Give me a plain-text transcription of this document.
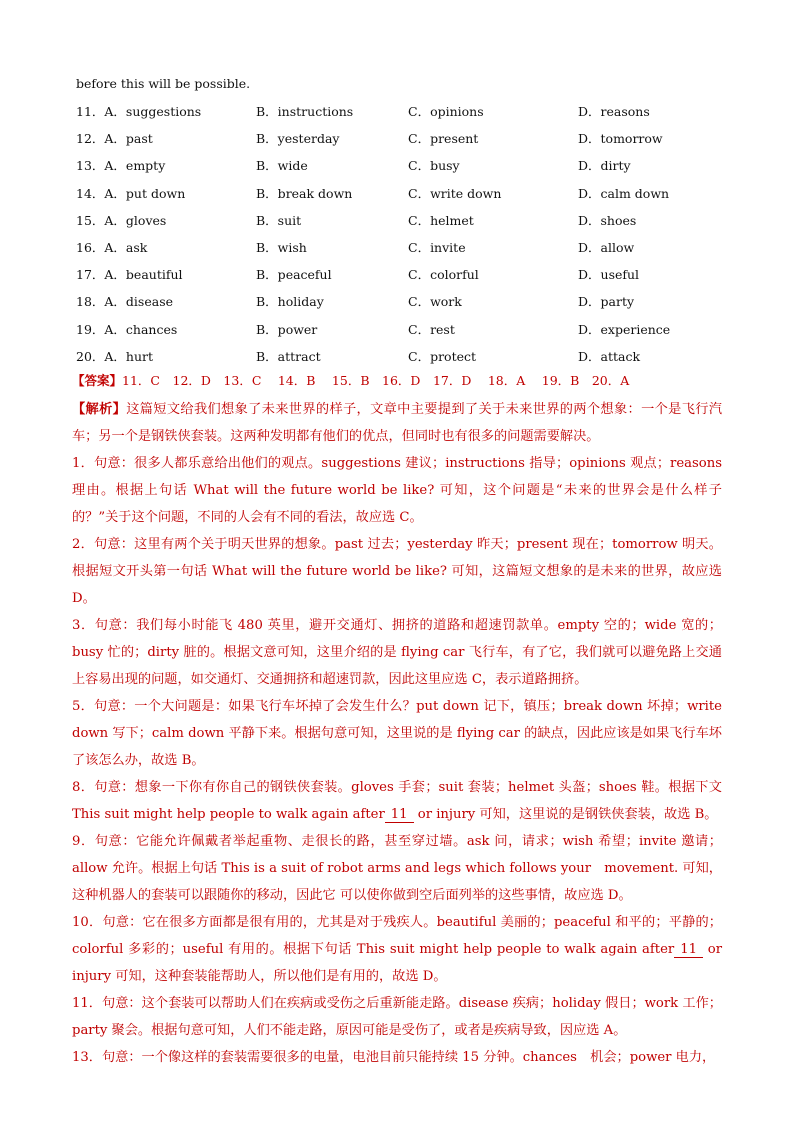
before this will be possible.
11．A．suggestions	B．instructions	C．opinions	D．reasons
12．A．past	B．yesterday	C．present	D．tomorrow
13．A．empty	B．wide	C．busy	D．dirty
14．A．put down	B．break down	C．write down	D．calm down
15．A．gloves	B．suit	C．helmet	D．shoes
16．A．ask	B．wish	C．invite	D．allow
17．A．beautiful	B．peaceful	C．colorful	D．useful
18．A．disease	B．holiday	C．work	D．party
19．A．chances	B．power	C．rest	D．experience
20．A．hurt	B．attract	C．protect	D．attack
【答案】11．C　12．D　13．C　 14．B　 15．B　16．D　17．D　 18．A　 19．B　20．A

【解析】这篇短文给我们想象了未来世界的样子，文章中主要提到了关于未来世界的两个想象：一个是飞行汽车；另一个是钢铁侠套装。这两种发明都有他们的优点，但同时也有很多的问题需要解决。

1．句意：很多人都乐意给出他们的观点。suggestions 建议；instructions 指导；opinions 观点；reasons 理由。根据上句话 What will the future world be like? 可知，这个问题是“未来的世界会是什么样子的？”关于这个问题，不同的人会有不同的看法，故应选 C。

2．句意：这里有两个关于明天世界的想象。past 过去；yesterday 昨天；present 现在；tomorrow 明天。根据短文开头第一句话 What will the future world be like? 可知，这篇短文想象的是未来的世界，故应选 D。

3．句意：我们每小时能飞 480 英里，避开交通灯、拥挤的道路和超速罚款单。empty 空的；wide 宽的；busy 忙的；dirty 脏的。根据文意可知，这里介绍的是 flying car 飞行车，有了它，我们就可以避免路上交通上容易出现的问题，如交通灯、交通拥挤和超速罚款，因此这里应选 C，表示道路拥挤。

5．句意：一个大问题是：如果飞行车坏掉了会发生什么？put down 记下，镇压；break down 坏掉；write down 写下；calm down 平静下来。根据句意可知，这里说的是 flying car 的缺点，因此应该是如果飞行车坏了该怎么办，故选 B。

8．句意：想象一下你有你自己的钢铁侠套装。gloves 手套；suit 套装；helmet 头盔；shoes 鞋。根据下文 This suit might help people to walk again after 11 or injury 可知，这里说的是钢铁侠套装，故选 B。

9．句意：它能允许佩戴者举起重物、走很长的路，甚至穿过墙。ask 问，请求；wish 希望；invite 邀请；allow 允许。根据上句话 This is a suit of robot arms and legs which follows your　movement. 可知，这种机器人的套装可以跟随你的移动，因此它 可以使你做到空后面列举的这些事情，故应选 D。

10．句意：它在很多方面都是很有用的，尤其是对于残疾人。beautiful 美丽的；peaceful 和平的；平静的；colorful 多彩的；useful 有用的。根据下句话 This suit might help people to walk again after 11 or injury 可知，这种套装能帮助人，所以他们是有用的，故选 D。

11．句意：这个套装可以帮助人们在疾病或受伤之后重新能走路。disease 疾病；holiday 假日；work 工作；party 聚会。根据句意可知，人们不能走路，原因可能是受伤了，或者是疾病导致，因应选 A。

13．句意：一个像这样的套装需要很多的电量，电池目前只能持续 15 分钟。chances　机会；power 电力，
